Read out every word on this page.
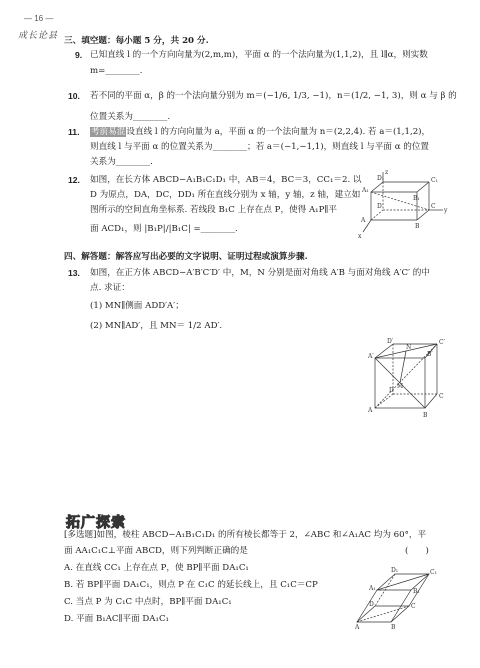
— 16 —
成长论县 三、填空题：每小题 5 分，共 20 分.
9. 已知直线 l 的一个方向向量为(2,m,m)，平面 α 的一个法向量为(1,1,2)，且 l∥α，则实数
m=________.
10. 若不同的平面 α，β 的一个法向量分别为 m＝(−1/6, 1/3, −1)，n＝(1/2, −1, 3)，则 α 与 β 的
位置关系为________.
11. 考前易混设直线 l 的方向向量为 a，平面 α 的一个法向量为 n＝(2,2,4). 若 a＝(1,1,2)，
则直线 l 与平面 α 的位置关系为________；若 a＝(−1,−1,1)，则直线 l 与平面 α 的位置
关系为________.
12. 如图，在长方体 ABCD−A₁B₁C₁D₁ 中，AB＝4，BC＝3，CC₁＝2. 以
D 为原点，DA，DC，DD₁ 所在直线分别为 x 轴，y 轴，z 轴，建立如
图所示的空间直角坐标系. 若线段 B₁C 上存在点 P，使得 A₁P∥平
面 ACD₁，则 |B₁P|/|B₁C| =________.
D₁
A₁
B₁
C₁
D
A
B
C
x
y
z
四、解答题：解答应写出必要的文字说明、证明过程或演算步骤.
13. 如图，在正方体 ABCD−A′B′C′D′ 中，M，N 分别是面对角线 A′B 与面对角线 A′C′ 的中
点. 求证：
(1) MN∥侧面 ADD′A′；
(2) MN∥AD′，且 MN＝ 1/2 AD′.
D′
A′
C′
B′
D
A
B
C
M
N
拓广探索
[多选题]如图，棱柱 ABCD−A₁B₁C₁D₁ 的所有棱长都等于 2，∠ABC 和∠A₁AC 均为 60°，平
面 AA₁C₁C⊥平面 ABCD，则下列判断正确的是	(　　)
A. 在直线 CC₁ 上存在点 P，使 BP∥平面 DA₁C₁
B. 若 BP∥平面 DA₁C₁，则点 P 在 C₁C 的延长线上，且 C₁C＝CP
C. 当点 P 为 C₁C 中点时，BP∥平面 DA₁C₁
D. 平面 B₁AC∥平面 DA₁C₁
D₁	C₁
A₁	B₁
D	C
A	B
